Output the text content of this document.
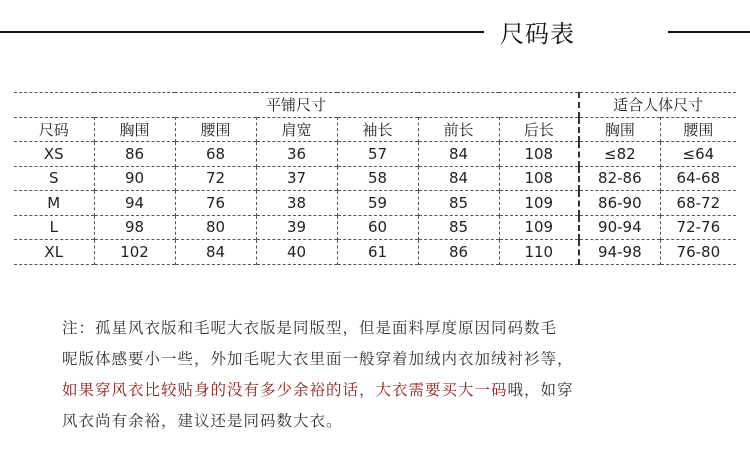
尺码表
平铺尺寸							适合人体尺寸	
尺码	胸围	腰围	肩宽	袖长	前长	后长	胸围	腰围
XS	86	68	36	57	84	108	≤82	≤64
S	90	72	37	58	84	108	82-86	64-68
M	94	76	38	59	85	109	86-90	68-72
L	98	80	39	60	85	109	90-94	72-76
XL	102	84	40	61	86	110	94-98	76-80
注：孤星风衣版和毛呢大衣版是同版型，但是面料厚度原因同码数毛
呢版体感要小一些，外加毛呢大衣里面一般穿着加绒内衣加绒衬衫等，
如果穿风衣比较贴身的没有多少余裕的话，大衣需要买大一码哦，如穿
风衣尚有余裕，建议还是同码数大衣。
